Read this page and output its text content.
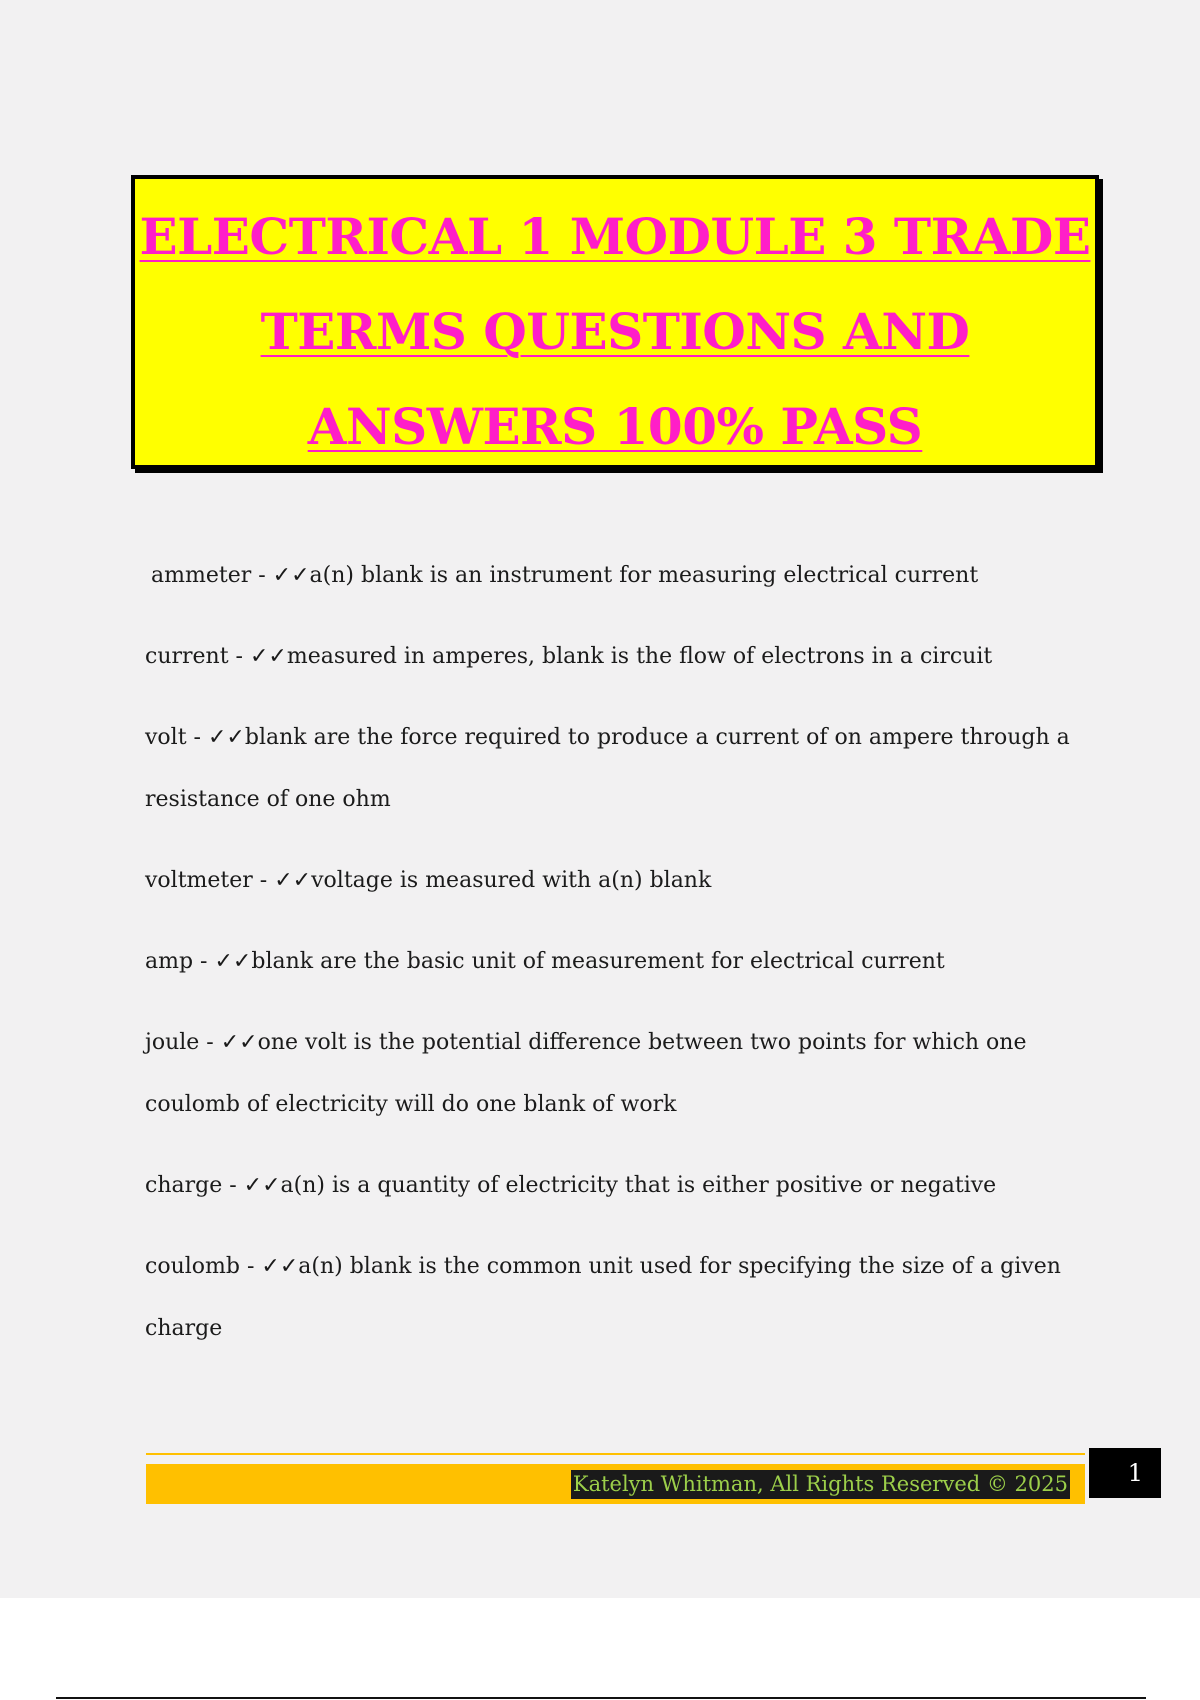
ELECTRICAL 1 MODULE 3 TRADE
TERMS QUESTIONS AND
ANSWERS 100% PASS
ammeter - ✓✓a(n) blank is an instrument for measuring electrical current
current - ✓✓measured in amperes, blank is the flow of electrons in a circuit
volt - ✓✓blank are the force required to produce a current of on ampere through a resistance of one ohm
voltmeter - ✓✓voltage is measured with a(n) blank
amp - ✓✓blank are the basic unit of measurement for electrical current
joule - ✓✓one volt is the potential difference between two points for which one coulomb of electricity will do one blank of work
charge - ✓✓a(n) is a quantity of electricity that is either positive or negative
coulomb - ✓✓a(n) blank is the common unit used for specifying the size of a given charge
Katelyn Whitman, All Rights Reserved © 2025	1
